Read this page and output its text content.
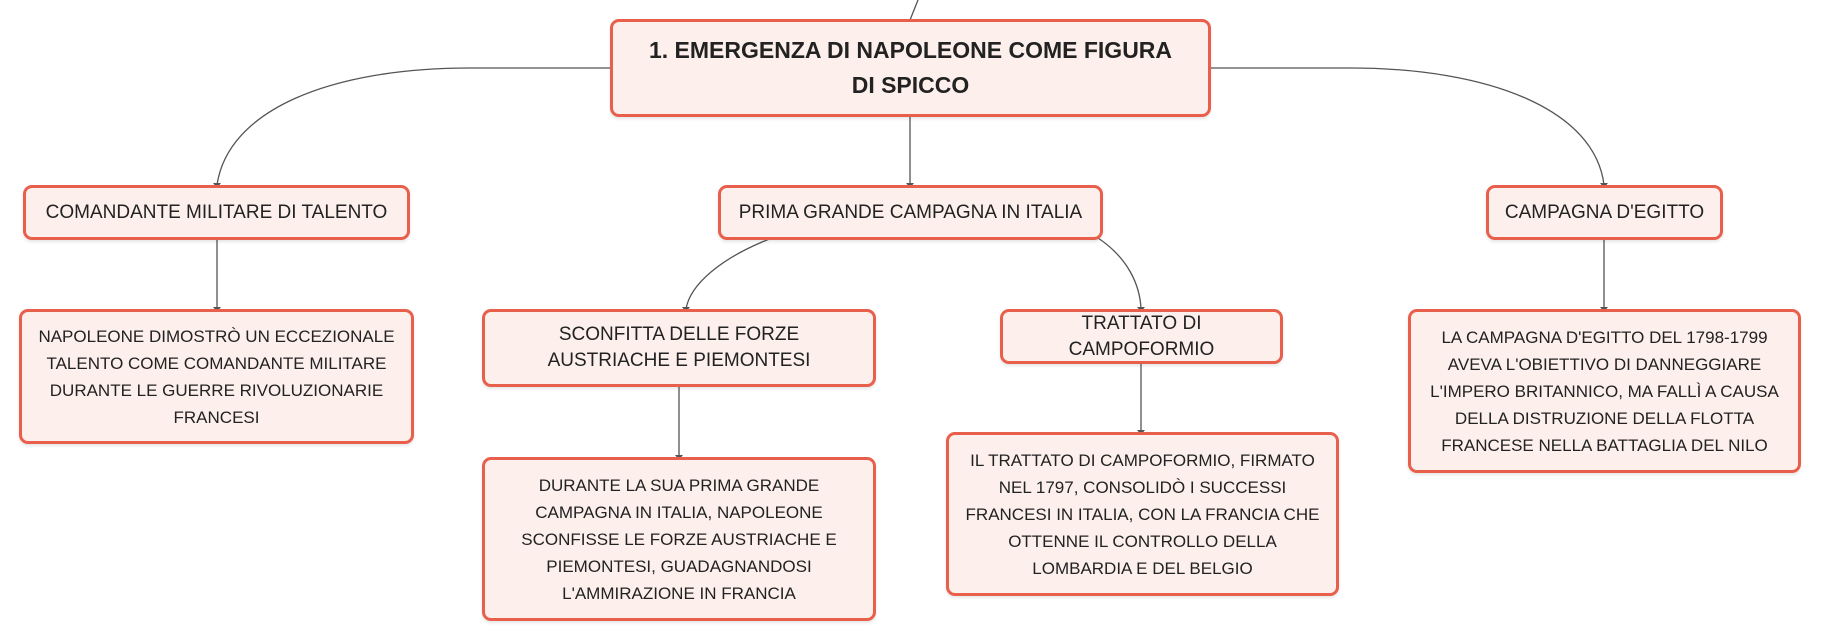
1. EMERGENZA DI NAPOLEONE COME FIGURA DI SPICCO
COMANDANTE MILITARE DI TALENTO	PRIMA GRANDE CAMPAGNA IN ITALIA	CAMPAGNA D'EGITTO
NAPOLEONE DIMOSTRÒ UN ECCEZIONALE TALENTO COME COMANDANTE MILITARE DURANTE LE GUERRE RIVOLUZIONARIE FRANCESI
SCONFITTA DELLE FORZE AUSTRIACHE E PIEMONTESI
TRATTATO DI CAMPOFORMIO
DURANTE LA SUA PRIMA GRANDE CAMPAGNA IN ITALIA, NAPOLEONE SCONFISSE LE FORZE AUSTRIACHE E PIEMONTESI, GUADAGNANDOSI L'AMMIRAZIONE IN FRANCIA
IL TRATTATO DI CAMPOFORMIO, FIRMATO NEL 1797, CONSOLIDÒ I SUCCESSI FRANCESI IN ITALIA, CON LA FRANCIA CHE OTTENNE IL CONTROLLO DELLA LOMBARDIA E DEL BELGIO
LA CAMPAGNA D'EGITTO DEL 1798-1799 AVEVA L'OBIETTIVO DI DANNEGGIARE L'IMPERO BRITANNICO, MA FALLÌ A CAUSA DELLA DISTRUZIONE DELLA FLOTTA FRANCESE NELLA BATTAGLIA DEL NILO
